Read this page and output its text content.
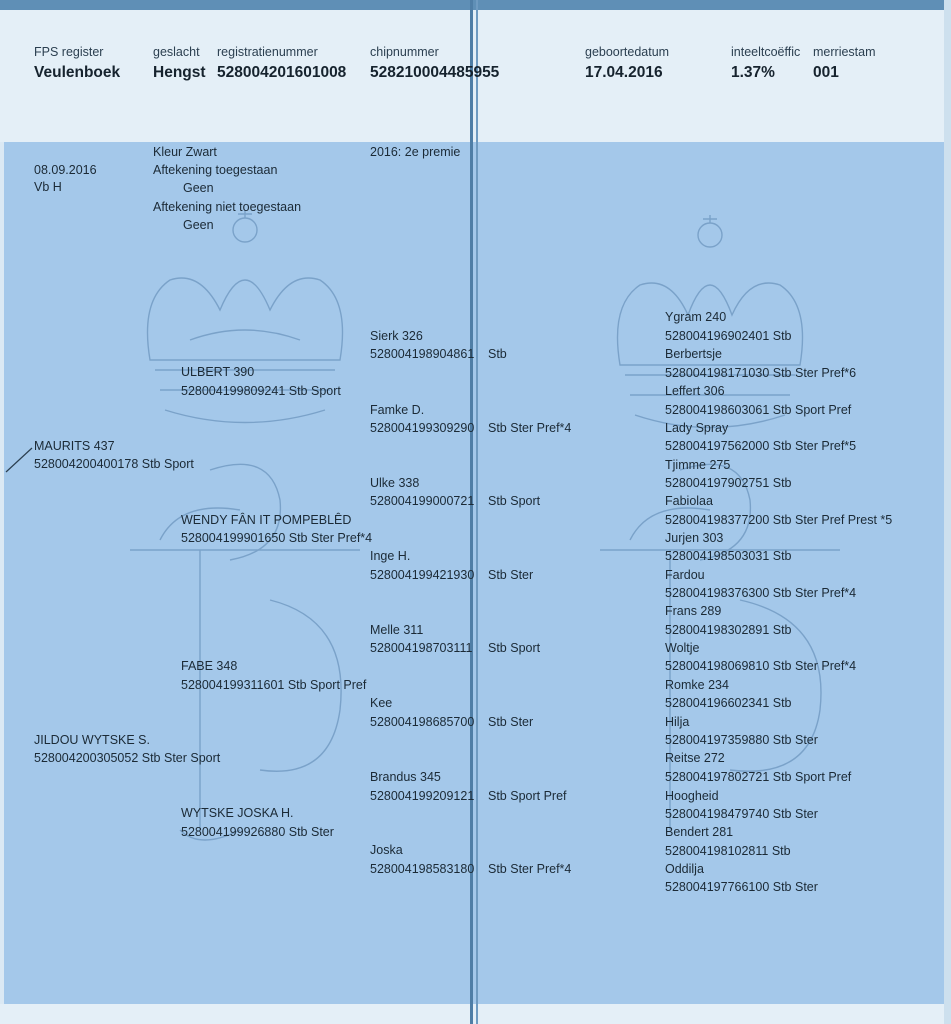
FPS register
Veulenboek
geslacht
Hengst
registratienummer
528004201601008
chipnummer
528210004485955
geboortedatum
17.04.2016
inteeltcoëffic
1.37%
merriestam
001
08.09.2016
Vb H
Kleur Zwart
Aftekening toegestaan
Geen
Aftekening niet toegestaan
Geen
2016: 2e premie
MAURITS 437
528004200400178 Stb Sport
JILDOU WYTSKE S.
528004200305052 Stb Ster Sport
ULBERT 390
528004199809241 Stb Sport
WENDY FÂN IT POMPEBLÊD
528004199901650 Stb Ster Pref*4
FABE 348
528004199311601 Stb Sport Pref
WYTSKE JOSKA H.
528004199926880 Stb Ster
Sierk 326
528004198904861 Stb
Famke D.
528004199309290 Stb Ster Pref*4
Ulke 338
528004199000721 Stb Sport
Inge H.
528004199421930 Stb Ster
Melle 311
528004198703111 Stb Sport
Kee
528004198685700 Stb Ster
Brandus 345
528004199209121 Stb Sport Pref
Joska
528004198583180 Stb Ster Pref*4
Ygram 240
528004196902401 Stb
Berbertsje
528004198171030 Stb Ster Pref*6
Leffert 306
528004198603061 Stb Sport Pref
Lady Spray
528004197562000 Stb Ster Pref*5
Tjimme 275
528004197902751 Stb
Fabiolaa
528004198377200 Stb Ster Pref Prest *5
Jurjen 303
528004198503031 Stb
Fardou
528004198376300 Stb Ster Pref*4
Frans 289
528004198302891 Stb
Woltje
528004198069810 Stb Ster Pref*4
Romke 234
528004196602341 Stb
Hilja
528004197359880 Stb Ster
Reitse 272
528004197802721 Stb Sport Pref
Hoogheid
528004198479740 Stb Ster
Bendert 281
528004198102811 Stb
Oddilja
528004197766100 Stb Ster
